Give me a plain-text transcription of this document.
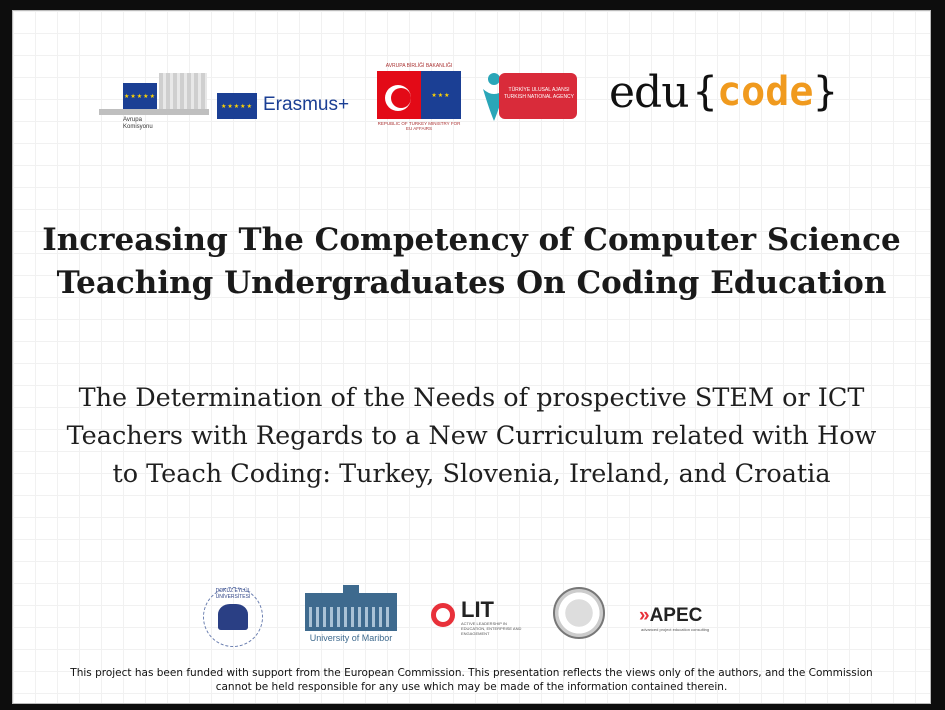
★★★★★
Avrupa Komisyonu
★★★★★ Erasmus+
AVRUPA BİRLİĞİ BAKANLIĞI
★★★
REPUBLIC OF TURKEY MINISTRY FOR EU AFFAIRS
TÜRKİYE ULUSAL AJANSI TURKISH NATIONAL AGENCY edu {code}
Increasing The Competency of Computer Science Teaching Undergraduates On Coding Education
The Determination of the Needs of prospective STEM or ICT Teachers with Regards to a New Curriculum related with How to Teach Coding: Turkey, Slovenia, Ireland, and Croatia
DOKUZ EYLÜL ÜNİVERSİTESİ
University of Maribor
LIT
ACTIVE LEADERSHIP IN EDUCATION, ENTERPRISE AND ENGAGEMENT
»APEC
advanced project education consulting
This project has been funded with support from the European Commission. This presentation reflects the views only of the authors, and the Commission cannot be held responsible for any use which may be made of the information contained therein.
